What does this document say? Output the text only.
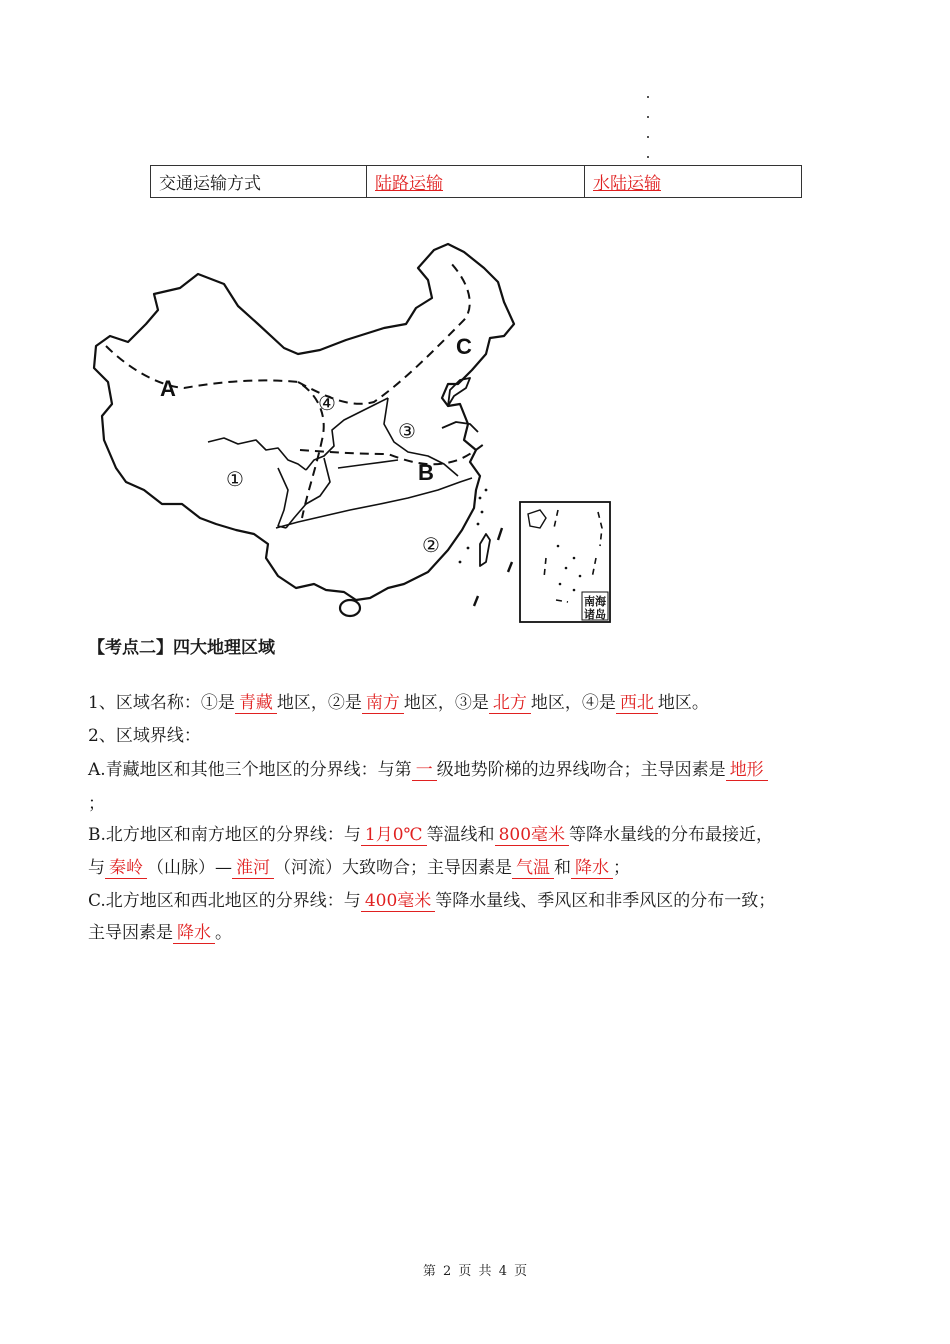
交通运输方式	陆路运输	水陆运输
A
B
C
①
②
③
④
南海
诸岛
【考点二】四大地理区域
1、区域名称：①是 青藏 地区，②是 南方 地区，③是 北方 地区，④是 西北 地区。
2、区域界线：
A.青藏地区和其他三个地区的分界线：与第 一 级地势阶梯的边界线吻合；主导因素是 地形
；
B.北方地区和南方地区的分界线：与 1月0℃ 等温线和 800毫米 等降水量线的分布最接近，
与 秦岭 （山脉）— 淮河 （河流）大致吻合；主导因素是 气温 和 降水 ；
C.北方地区和西北地区的分界线：与 400毫米 等降水量线、季风区和非季风区的分布一致；
主导因素是 降水 。
第 2 页 共 4 页
